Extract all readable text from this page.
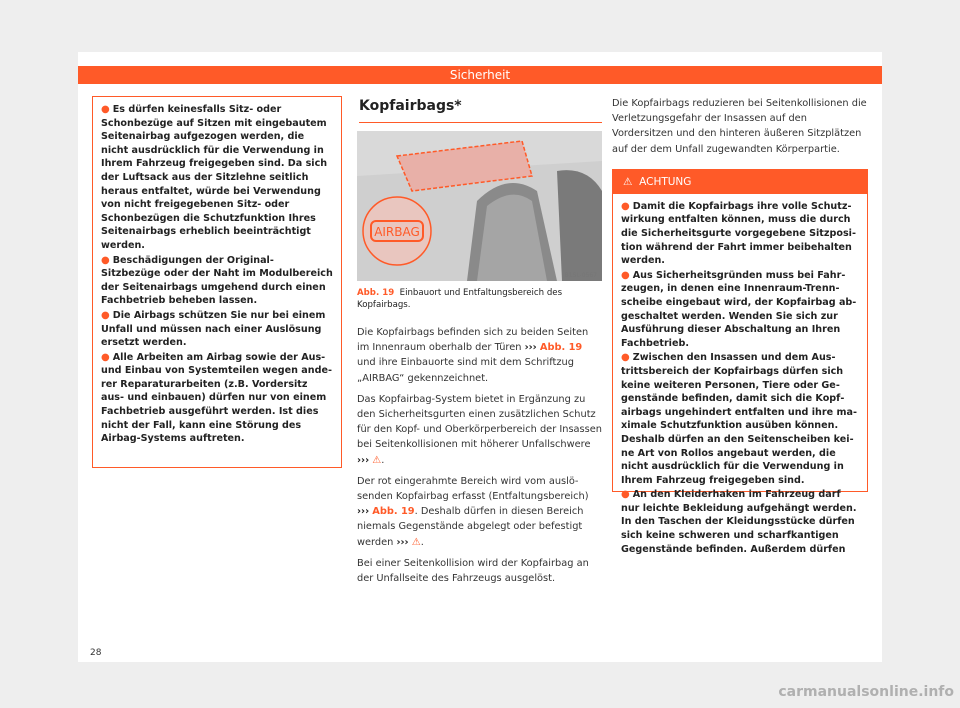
Sicherheit

● Es dürfen keinesfalls Sitz- oder Schonbezüge auf Sitzen mit eingebautem Seitenairbag aufgezogen werden, die nicht ausdrücklich für die Verwendung in Ihrem Fahrzeug freigegeben sind. Da sich der Luftsack aus der Sitzlehne seitlich heraus entfaltet, würde bei Verwendung von nicht freigegebenen Sitz- oder Schonbezügen die Schutzfunktion Ihres Seitenairbags erheblich beeinträchtigt werden.

● Beschädigungen der Original-Sitzbezüge oder der Naht im Modulbereich der Seitenairbags umgehend durch einen Fachbetrieb beheben lassen.

● Die Airbags schützen Sie nur bei einem Unfall und müssen nach einer Auslösung ersetzt werden.

● Alle Arbeiten am Airbag sowie der Aus- und Einbau von Systemteilen wegen anderer Reparaturarbeiten (z.B. Vordersitz aus- und einbauen) dürfen nur von einem Fachbetrieb ausgeführt werden. Ist dies nicht der Fall, kann eine Störung des Airbag-Systems auftreten.

Kopfairbags*
AIRBAG
B1SL-0567
Abb. 19 Einbauort und Entfaltungsbereich des Kopfairbags.

Die Kopfairbags befinden sich zu beiden Seiten im Innenraum oberhalb der Türen ››› Abb. 19 und ihre Einbauorte sind mit dem Schriftzug „AIRBAG“ gekennzeichnet.

Das Kopfairbag-System bietet in Ergänzung zu den Sicherheitsgurten einen zusätzlichen Schutz für den Kopf- und Oberkörperbereich der Insassen bei Seitenkollisionen mit höherer Unfallschwere ››› ⚠.

Der rot eingerahmte Bereich wird vom auslösenden Kopfairbag erfasst (Entfaltungsbereich) ››› Abb. 19. Deshalb dürfen in diesen Bereich niemals Gegenstände abgelegt oder befestigt werden ››› ⚠.

Bei einer Seitenkollision wird der Kopfairbag an der Unfallseite des Fahrzeugs ausgelöst.

Die Kopfairbags reduzieren bei Seitenkollisionen die Verletzungsgefahr der Insassen auf den Vordersitzen und den hinteren äußeren Sitzplätzen auf der dem Unfall zugewandten Körperpartie.

⚠ ACHTUNG

● Damit die Kopfairbags ihre volle Schutzwirkung entfalten können, muss die durch die Sicherheitsgurte vorgegebene Sitzposition während der Fahrt immer beibehalten werden.

● Aus Sicherheitsgründen muss bei Fahrzeugen, in denen eine Innenraum-Trennscheibe eingebaut wird, der Kopfairbag abgeschaltet werden. Wenden Sie sich zur Ausführung dieser Abschaltung an Ihren Fachbetrieb.

● Zwischen den Insassen und dem Austrittsbereich der Kopfairbags dürfen sich keine weiteren Personen, Tiere oder Gegenstände befinden, damit sich die Kopfairbags ungehindert entfalten und ihre maximale Schutzfunktion ausüben können. Deshalb dürfen an den Seitenscheiben keine Art von Rollos angebaut werden, die nicht ausdrücklich für die Verwendung in Ihrem Fahrzeug freigegeben sind.

● An den Kleiderhaken im Fahrzeug darf nur leichte Bekleidung aufgehängt werden. In den Taschen der Kleidungsstücke dürfen sich keine schweren und scharfkantigen Gegenstände befinden. Außerdem dürfen

28
carmanualsonline.info
